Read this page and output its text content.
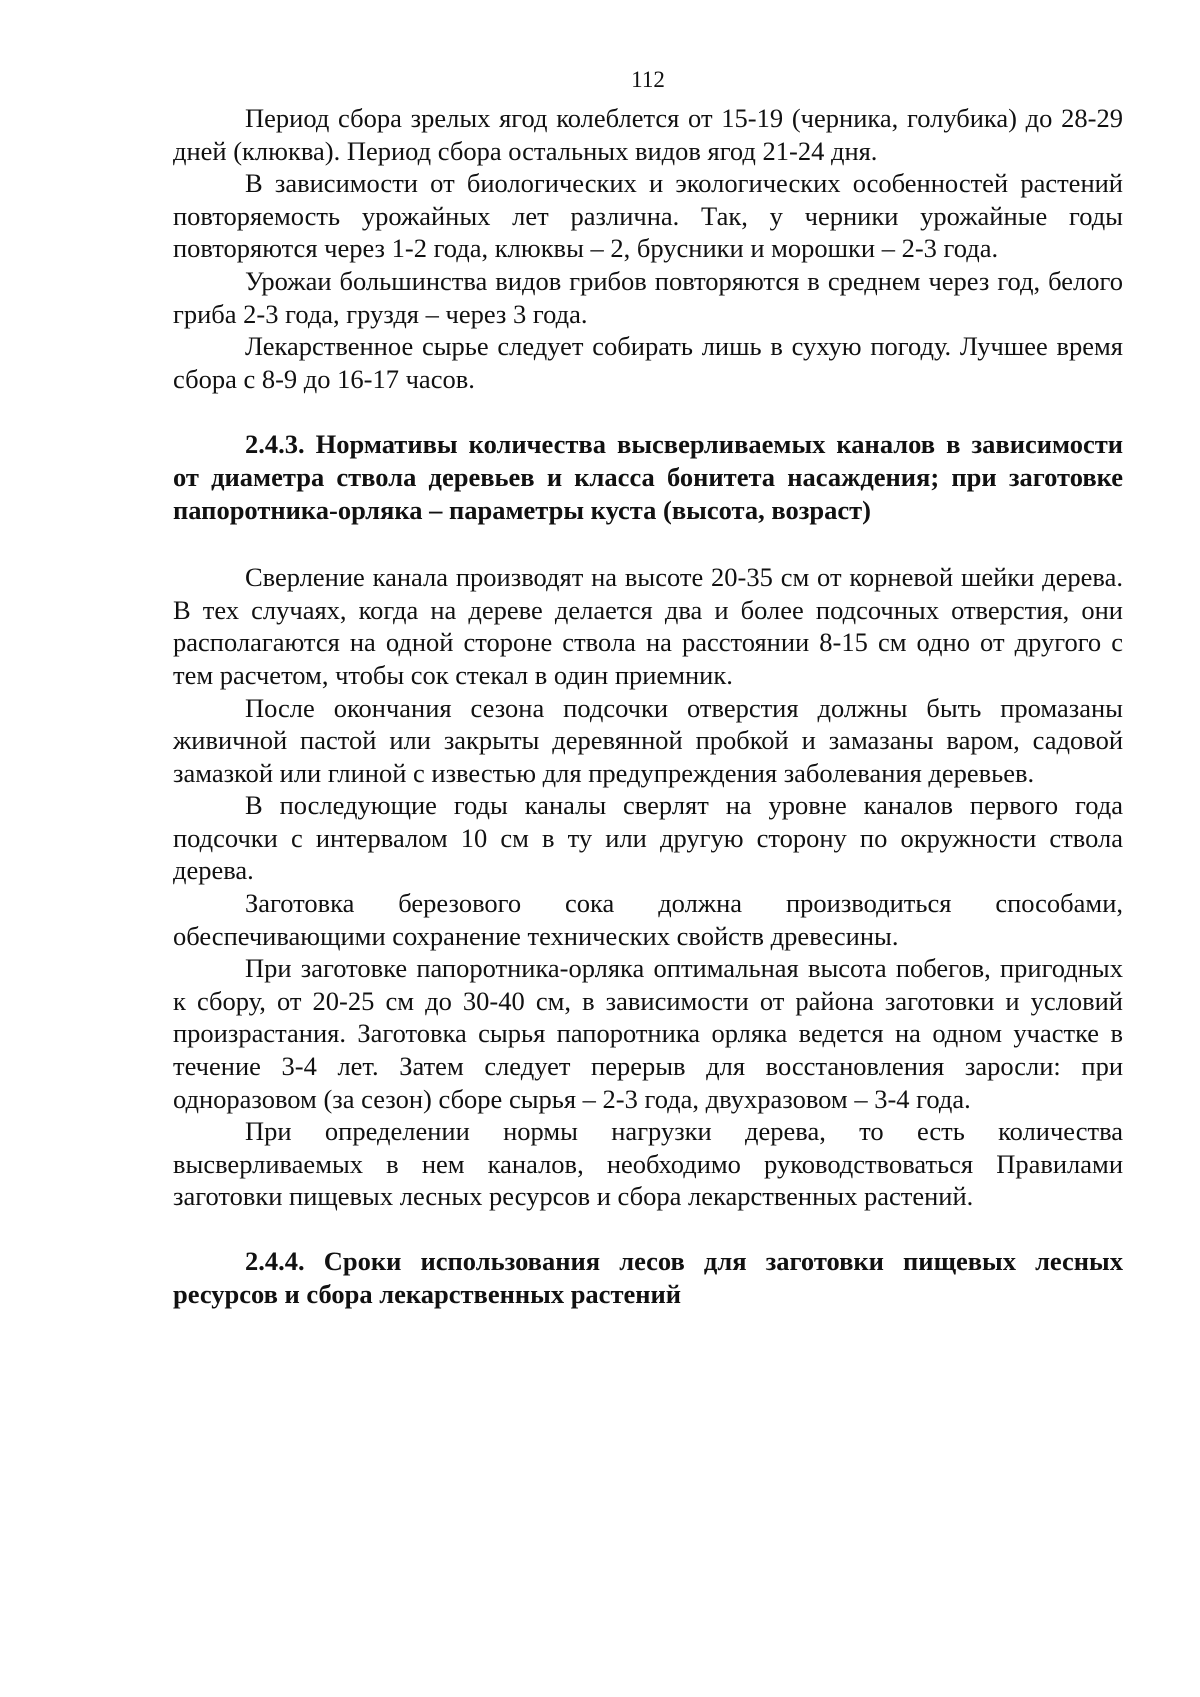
112

Период сбора зрелых ягод колеблется от 15-19 (черника, голубика) до 28-29 дней (клюква). Период сбора остальных видов ягод 21-24 дня.

В зависимости от биологических и экологических особенностей растений повторяемость урожайных лет различна. Так, у черники урожайные годы повторяются через 1-2 года, клюквы – 2, брусники и морошки – 2-3 года.

Урожаи большинства видов грибов повторяются в среднем через год, белого гриба 2-3 года, груздя – через 3 года.

Лекарственное сырье следует собирать лишь в сухую погоду. Лучшее время сбора с 8-9 до 16-17 часов.

2.4.3. Нормативы количества высверливаемых каналов в зависимости от диаметра ствола деревьев и класса бонитета насаждения; при заготовке папоротника-орляка – параметры куста (высота, возраст)

Сверление канала производят на высоте 20-35 см от корневой шейки дерева. В тех случаях, когда на дереве делается два и более подсочных отверстия, они располагаются на одной стороне ствола на расстоянии 8-15 см одно от другого с тем расчетом, чтобы сок стекал в один приемник.

После окончания сезона подсочки отверстия должны быть промазаны живичной пастой или закрыты деревянной пробкой и замазаны варом, садовой замазкой или глиной с известью для предупреждения заболевания деревьев.

В последующие годы каналы сверлят на уровне каналов первого года подсочки с интервалом 10 см в ту или другую сторону по окружности ствола дерева.

Заготовка березового сока должна производиться способами, обеспечивающими сохранение технических свойств древесины.

При заготовке папоротника-орляка оптимальная высота побегов, пригодных к сбору, от 20-25 см до 30-40 см, в зависимости от района заготовки и условий произрастания. Заготовка сырья папоротника орляка ведется на одном участке в течение 3-4 лет. Затем следует перерыв для восстановления заросли: при одноразовом (за сезон) сборе сырья – 2-3 года, двухразовом – 3-4 года.

При определении нормы нагрузки дерева, то есть количества высверливаемых в нем каналов, необходимо руководствоваться Правилами заготовки пищевых лесных ресурсов и сбора лекарственных растений.

2.4.4. Сроки использования лесов для заготовки пищевых лесных ресурсов и сбора лекарственных растений
